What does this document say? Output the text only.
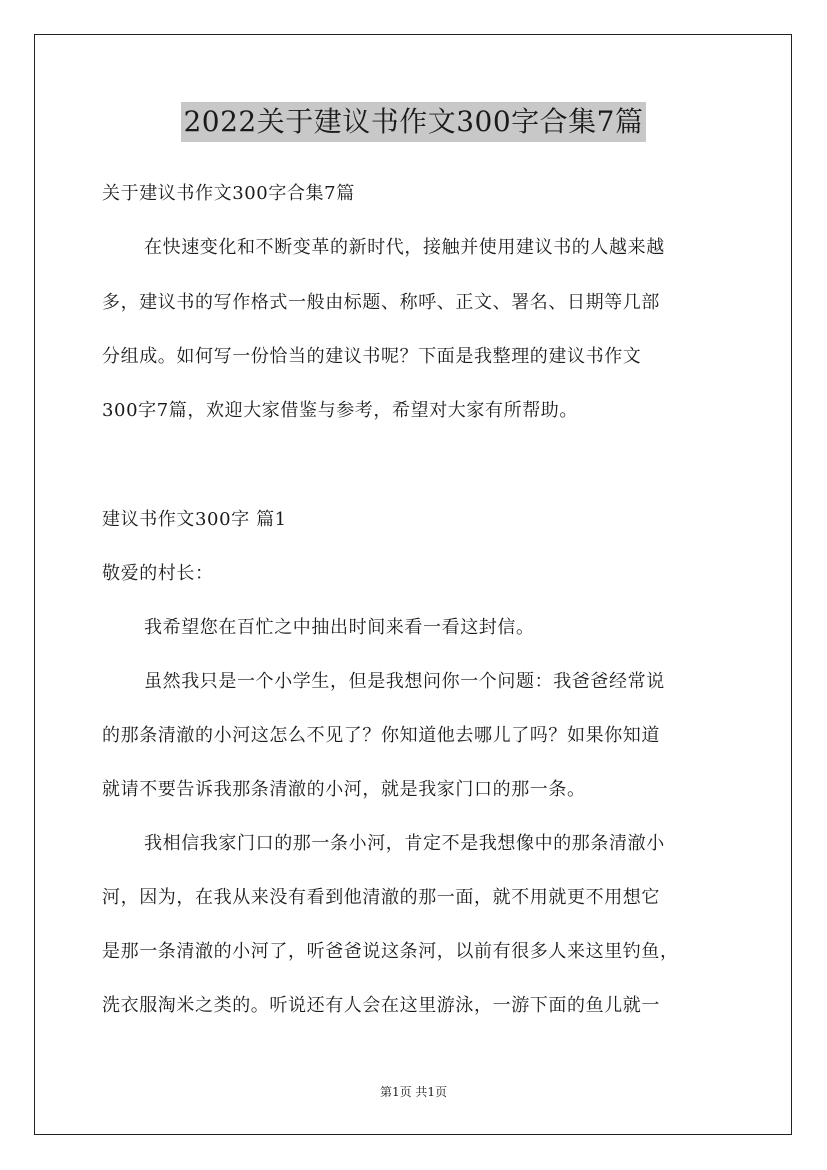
2022关于建议书作文300字合集7篇
关于建议书作文300字合集7篇
在快速变化和不断变革的新时代，接触并使用建议书的人越来越
多，建议书的写作格式一般由标题、称呼、正文、署名、日期等几部
分组成。如何写一份恰当的建议书呢？下面是我整理的建议书作文
300字7篇，欢迎大家借鉴与参考，希望对大家有所帮助。
建议书作文300字 篇1
敬爱的村长：
我希望您在百忙之中抽出时间来看一看这封信。
虽然我只是一个小学生，但是我想问你一个问题：我爸爸经常说
的那条清澈的小河这怎么不见了？你知道他去哪儿了吗？如果你知道
就请不要告诉我那条清澈的小河，就是我家门口的那一条。
我相信我家门口的那一条小河，肯定不是我想像中的那条清澈小
河，因为，在我从来没有看到他清澈的那一面，就不用就更不用想它
是那一条清澈的小河了，听爸爸说这条河，以前有很多人来这里钓鱼，
洗衣服淘米之类的。听说还有人会在这里游泳，一游下面的鱼儿就一
第1页 共1页
